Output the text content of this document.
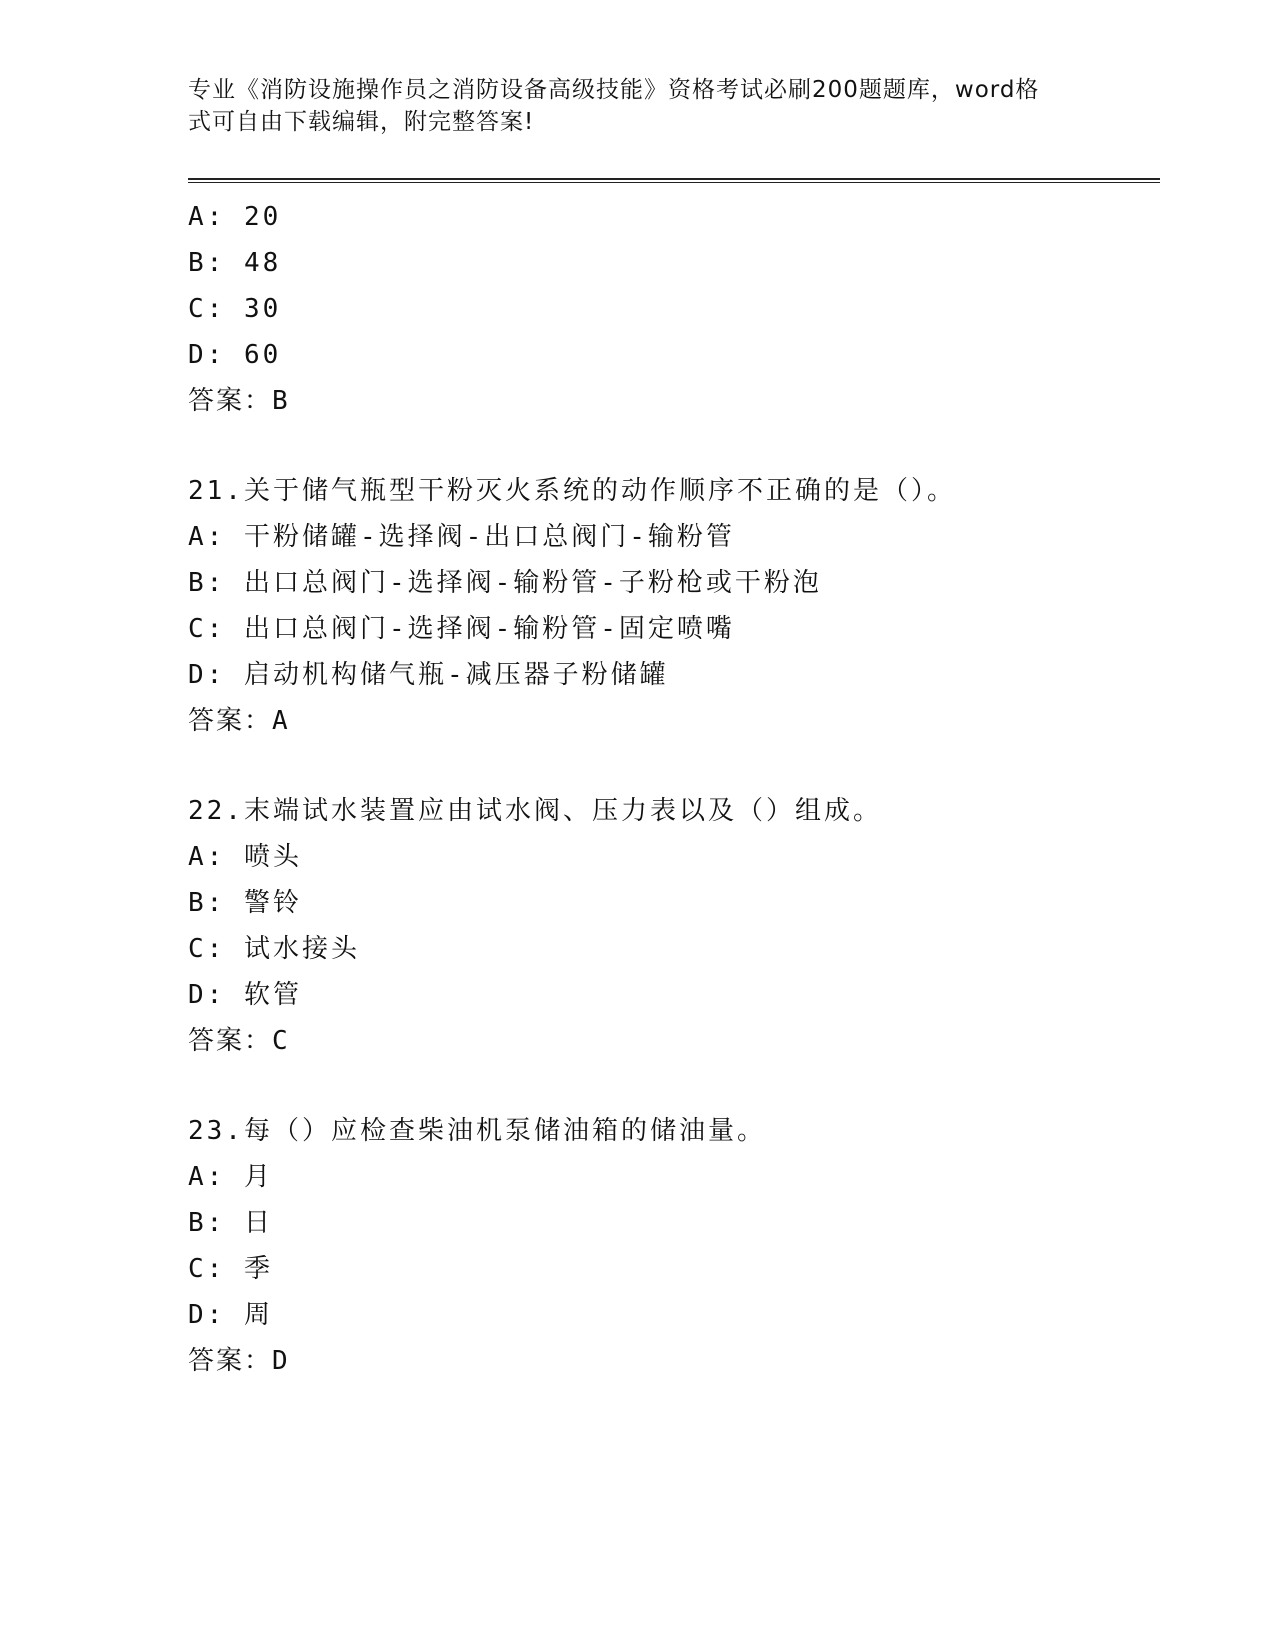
专业《消防设施操作员之消防设备高级技能》资格考试必刷200题题库，word格
式可自由下载编辑，附完整答案!
A: 20
B: 48
C: 30
D: 60
答案：B
21.关于储气瓶型干粉灭火系统的动作顺序不正确的是（）。
A: 干粉储罐-选择阀-出口总阀门-输粉管
B: 出口总阀门-选择阀-输粉管-子粉枪或干粉泡
C: 出口总阀门-选择阀-输粉管-固定喷嘴
D: 启动机构储气瓶-减压器子粉储罐
答案：A
22.末端试水装置应由试水阀、压力表以及（）组成。
A: 喷头
B: 警铃
C: 试水接头
D: 软管
答案：C
23.每（）应检查柴油机泵储油箱的储油量。
A: 月
B: 日
C: 季
D: 周
答案：D
